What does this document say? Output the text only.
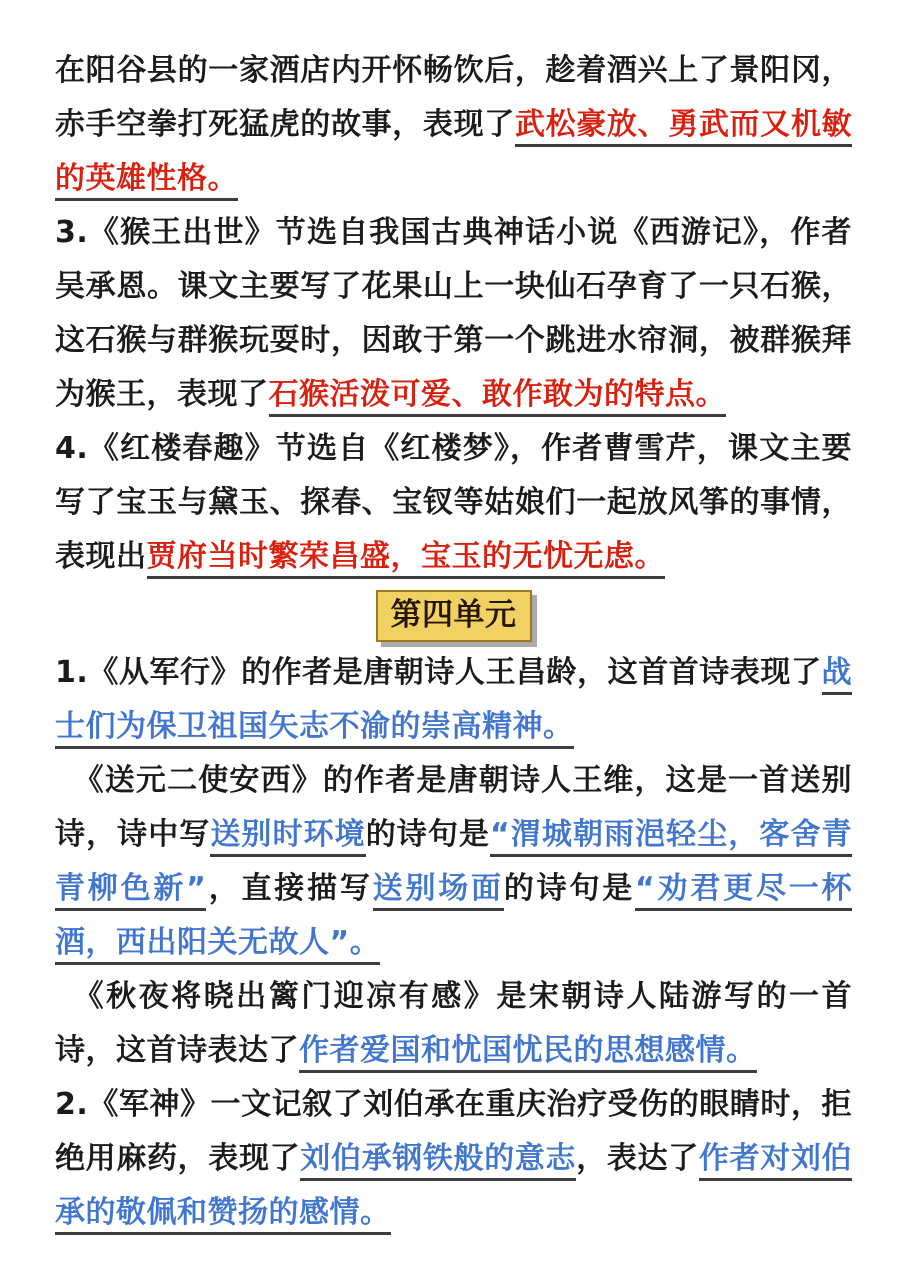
在阳谷县的一家酒店内开怀畅饮后，趁着酒兴上了景阳冈，赤手空拳打死猛虎的故事，表现了武松豪放、勇武而又机敏的英雄性格。

3.《猴王出世》节选自我国古典神话小说《西游记》，作者吴承恩。课文主要写了花果山上一块仙石孕育了一只石猴，这石猴与群猴玩耍时，因敢于第一个跳进水帘洞，被群猴拜为猴王，表现了石猴活泼可爱、敢作敢为的特点。

4.《红楼春趣》节选自《红楼梦》，作者曹雪芹，课文主要写了宝玉与黛玉、探春、宝钗等姑娘们一起放风筝的事情，表现出贾府当时繁荣昌盛，宝玉的无忧无虑。

第四单元

1.《从军行》的作者是唐朝诗人王昌龄，这首首诗表现了战士们为保卫祖国矢志不渝的崇高精神。

《送元二使安西》的作者是唐朝诗人王维，这是一首送别诗，诗中写送别时环境的诗句是“渭城朝雨浥轻尘，客舍青青柳色新”，直接描写送别场面的诗句是“劝君更尽一杯酒，西出阳关无故人”。

《秋夜将晓出篱门迎凉有感》是宋朝诗人陆游写的一首诗，这首诗表达了作者爱国和忧国忧民的思想感情。

2.《军神》一文记叙了刘伯承在重庆治疗受伤的眼睛时，拒绝用麻药，表现了刘伯承钢铁般的意志，表达了作者对刘伯承的敬佩和赞扬的感情。
